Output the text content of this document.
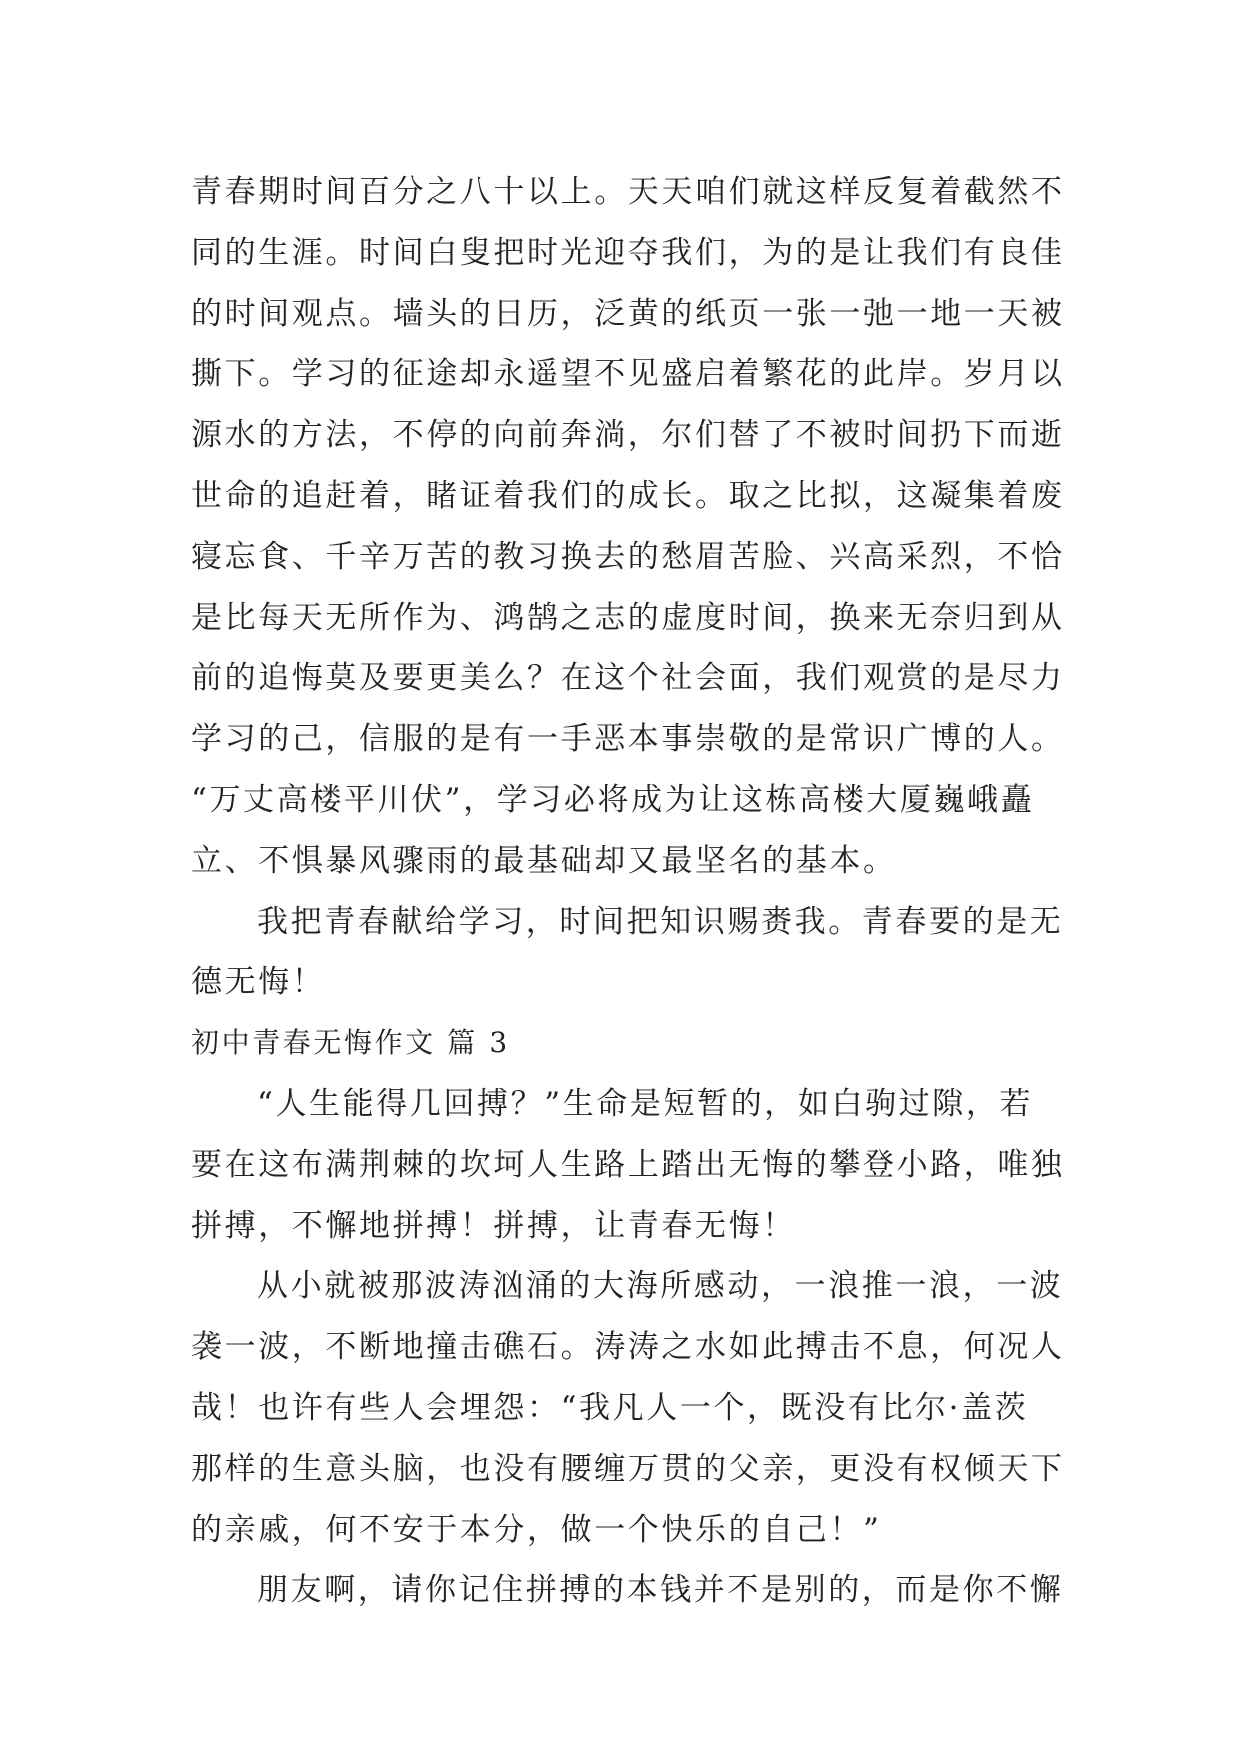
青春期时间百分之八十以上。天天咱们就这样反复着截然不
同的生涯。时间白叟把时光迎夺我们，为的是让我们有良佳
的时间观点。墙头的日历，泛黄的纸页一张一弛一地一天被
撕下。学习的征途却永遥望不见盛启着繁花的此岸。岁月以
源水的方法，不停的向前奔淌，尔们替了不被时间扔下而逝
世命的追赶着，睹证着我们的成长。取之比拟，这凝集着废
寝忘食、千辛万苦的教习换去的愁眉苦脸、兴高采烈，不恰
是比每天无所作为、鸿鹄之志的虚度时间，换来无奈归到从
前的追悔莫及要更美么？在这个社会面，我们观赏的是尽力
学习的己，信服的是有一手恶本事崇敬的是常识广博的人。
“万丈高楼平川伏”，学习必将成为让这栋高楼大厦巍峨矗
立、不惧暴风骤雨的最基础却又最坚名的基本。
我把青春献给学习，时间把知识赐赉我。青春要的是无
德无悔！
初中青春无悔作文 篇 3
“人生能得几回搏？”生命是短暂的，如白驹过隙，若
要在这布满荆棘的坎坷人生路上踏出无悔的攀登小路，唯独
拼搏，不懈地拼搏！拼搏，让青春无悔！
从小就被那波涛汹涌的大海所感动，一浪推一浪，一波
袭一波，不断地撞击礁石。涛涛之水如此搏击不息，何况人
哉！也许有些人会埋怨：“我凡人一个，既没有比尔·盖茨
那样的生意头脑，也没有腰缠万贯的父亲，更没有权倾天下
的亲戚，何不安于本分，做一个快乐的自己！”
朋友啊，请你记住拼搏的本钱并不是别的，而是你不懈
